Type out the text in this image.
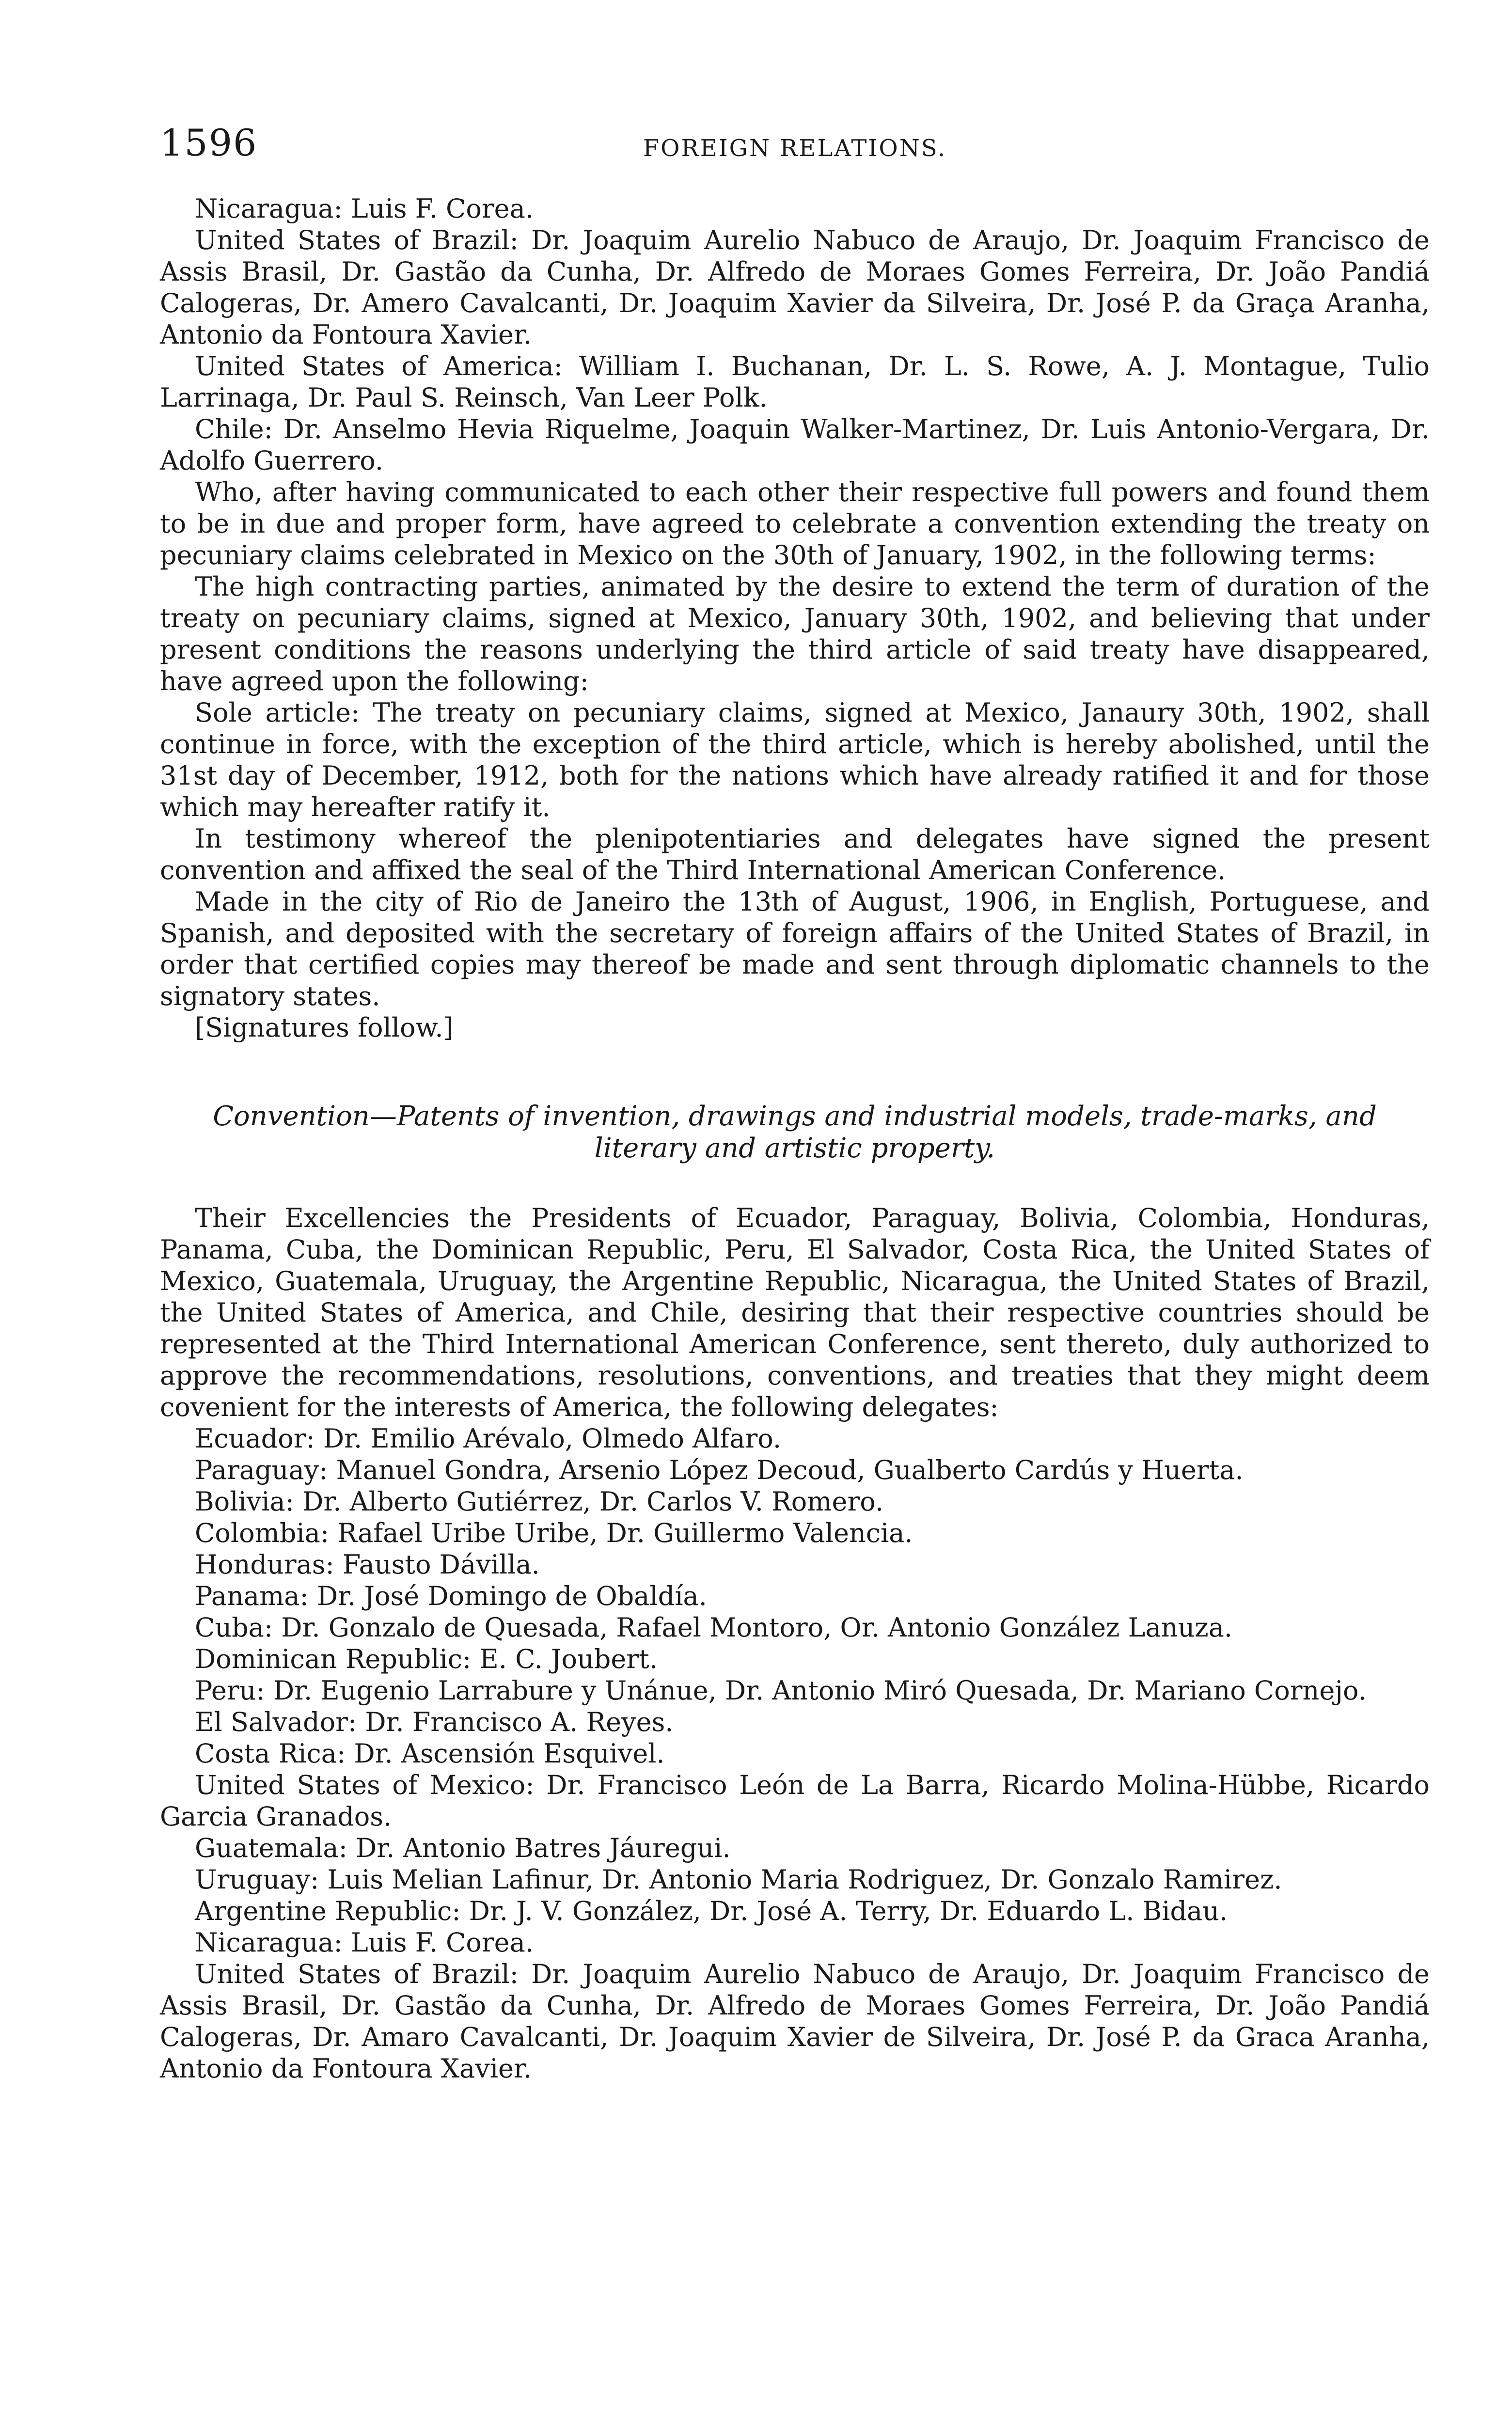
1596	FOREIGN RELATIONS.

Nicaragua: Luis F. Corea.

United States of Brazil: Dr. Joaquim Aurelio Nabuco de Araujo, Dr. Joaquim Francisco de Assis Brasil, Dr. Gastão da Cunha, Dr. Alfredo de Moraes Gomes Ferreira, Dr. João Pandiá Calogeras, Dr. Amero Cavalcanti, Dr. Joaquim Xavier da Silveira, Dr. José P. da Graça Aranha, Antonio da Fontoura Xavier.

United States of America: William I. Buchanan, Dr. L. S. Rowe, A. J. Montague, Tulio Larrinaga, Dr. Paul S. Reinsch, Van Leer Polk.

Chile: Dr. Anselmo Hevia Riquelme, Joaquin Walker-Martinez, Dr. Luis Antonio-Vergara, Dr. Adolfo Guerrero.

Who, after having communicated to each other their respective full powers and found them to be in due and proper form, have agreed to celebrate a convention extending the treaty on pecuniary claims celebrated in Mexico on the 30th of January, 1902, in the following terms:

The high contracting parties, animated by the desire to extend the term of duration of the treaty on pecuniary claims, signed at Mexico, January 30th, 1902, and believing that under present conditions the reasons underlying the third article of said treaty have disappeared, have agreed upon the following:

Sole article: The treaty on pecuniary claims, signed at Mexico, Janaury 30th, 1902, shall continue in force, with the exception of the third article, which is hereby abolished, until the 31st day of December, 1912, both for the nations which have already ratified it and for those which may hereafter ratify it.

In testimony whereof the plenipotentiaries and delegates have signed the present convention and affixed the seal of the Third International American Conference.

Made in the city of Rio de Janeiro the 13th of August, 1906, in English, Portuguese, and Spanish, and deposited with the secretary of foreign affairs of the United States of Brazil, in order that certified copies may thereof be made and sent through diplomatic channels to the signatory states.

[Signatures follow.]

Convention—Patents of invention, drawings and industrial models, trade-marks, and literary and artistic property.

Their Excellencies the Presidents of Ecuador, Paraguay, Bolivia, Colombia, Honduras, Panama, Cuba, the Dominican Republic, Peru, El Salvador, Costa Rica, the United States of Mexico, Guatemala, Uruguay, the Argentine Republic, Nicaragua, the United States of Brazil, the United States of America, and Chile, desiring that their respective countries should be represented at the Third International American Conference, sent thereto, duly authorized to approve the recommendations, resolutions, conventions, and treaties that they might deem covenient for the interests of America, the following delegates:

Ecuador: Dr. Emilio Arévalo, Olmedo Alfaro.

Paraguay: Manuel Gondra, Arsenio López Decoud, Gualberto Cardús y Huerta.

Bolivia: Dr. Alberto Gutiérrez, Dr. Carlos V. Romero.

Colombia: Rafael Uribe Uribe, Dr. Guillermo Valencia.

Honduras: Fausto Dávilla.

Panama: Dr. José Domingo de Obaldía.

Cuba: Dr. Gonzalo de Quesada, Rafael Montoro, Or. Antonio González Lanuza.

Dominican Republic: E. C. Joubert.

Peru: Dr. Eugenio Larrabure y Unánue, Dr. Antonio Miró Quesada, Dr. Mariano Cornejo.

El Salvador: Dr. Francisco A. Reyes.

Costa Rica: Dr. Ascensión Esquivel.

United States of Mexico: Dr. Francisco León de La Barra, Ricardo Molina-Hübbe, Ricardo Garcia Granados.

Guatemala: Dr. Antonio Batres Jáuregui.

Uruguay: Luis Melian Lafinur, Dr. Antonio Maria Rodriguez, Dr. Gonzalo Ramirez.

Argentine Republic: Dr. J. V. González, Dr. José A. Terry, Dr. Eduardo L. Bidau.

Nicaragua: Luis F. Corea.

United States of Brazil: Dr. Joaquim Aurelio Nabuco de Araujo, Dr. Joaquim Francisco de Assis Brasil, Dr. Gastão da Cunha, Dr. Alfredo de Moraes Gomes Ferreira, Dr. João Pandiá Calogeras, Dr. Amaro Cavalcanti, Dr. Joaquim Xavier de Silveira, Dr. José P. da Graca Aranha, Antonio da Fontoura Xavier.
